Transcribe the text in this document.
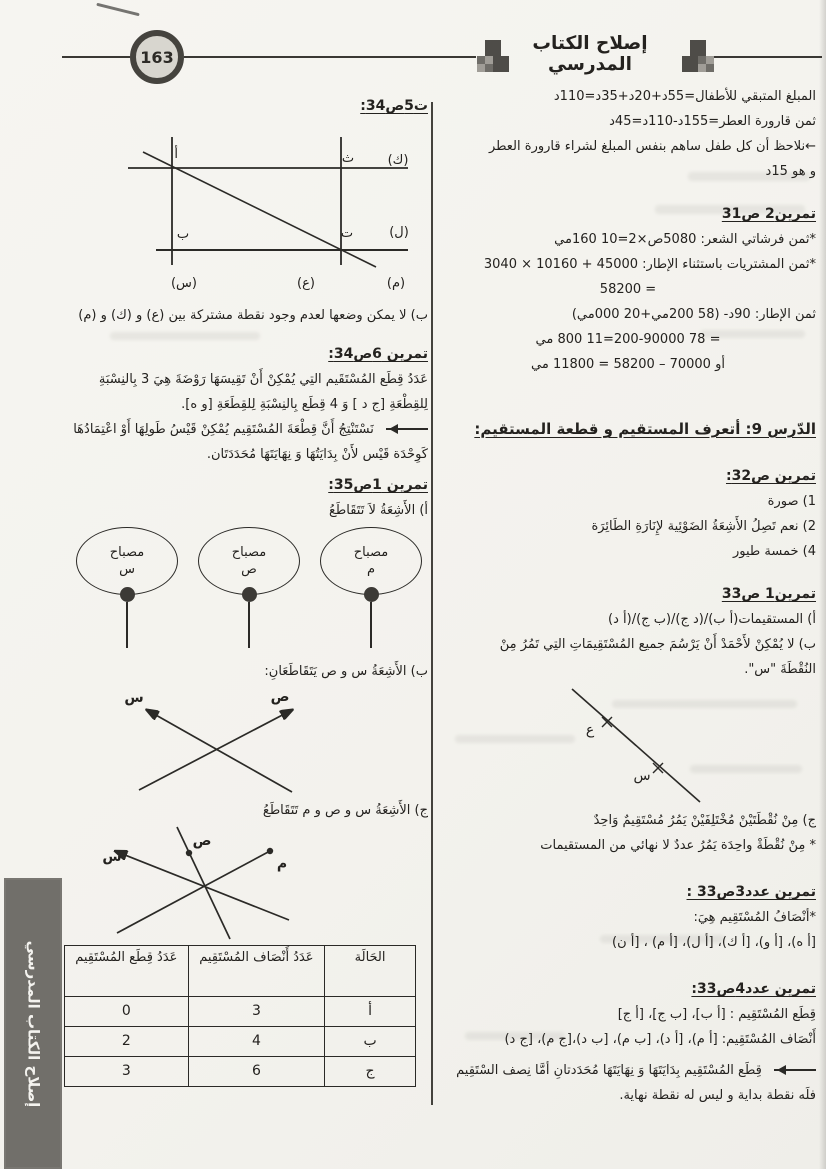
163
إصلاح الكتاب المدرسي
المبلغ المتبقي للأطفال=55د+20د+35د=110د
ثمن قارورة العطر=155د-110د=45د
←نلاحظ أن كل طفل ساهم بنفس المبلغ لشراء قارورة العطر
و هو 15د
تمرين2 ص31
*ثمن فرشاتي الشعر: 5080ص×2=10 160مي
*ثمن المشتريات باستثناء الإطار: 45000 + 10160 × 3040
= 58200
ثمن الإطار: 90د- (58 200مي+20 000مي)
= 78 200-90000=11 800 مي
أو 70000 – 58200 = 11800 مي
الدّرس 9: أتعرف المستقيم و قطعة المستقيم:
تمرين ص32:
1) صورة
2) نعم تَصِلُ الأَشِعَةُ الضَوْئِية لإِنَارَةِ الطَائِرَة
4) خمسة طيور
تمرين1 ص33
أ) المستقيمات(أ ب)/(د ج)/(ب ج)/(أ د)
ب) لا يُمْكِنْ لأَحْمَدْ أَنْ يَرْسُمَ جميع المُسْتَقِيمَاتِ التِي تَمُرُ مِنْ
النُقْطَةَ "س".
ع
س
ج) مِنْ نُقْطَتَيْنْ مُخْتَلِفَيْنْ يَمُرُ مُسْتَقِيمٌ وَاحِدٌ
* مِنْ نُقْطَةْ واحِدَة يَمُرُ عددٌ لا نهائي من المستقيمات
تمرين عدد3ص33 :
*أنْصَافُ المُسْتَقِيم هِيَ:
[أ ه)، [أ و)، [أ ك)، [أ ل)، [أ م) ، [أ ن)
تمرين عدد4ص33:
قِطَع المُسْتَقِيم : [أ ب]، [ب ج]، [أ ج]
أَنْصَاف المُسْتَقِيم: [أ م)، [أ د)، [ب م)، [ب د)،[ج م)، [ج د)
قِطَع المُسْتَقِيم بِدَايَتَهَا وَ نِهَايَتَهَا مُحَدَدتانِ أمَّا نِصف السْتَقِيم فلَه نقطة بداية و ليس له نقطة نهاية.
ت5ص34:
أ	ث	(ك)
ب	ت	(ل)
(س)	(ع)	(م)
ب) لا يمكن وضعها لعدم وجود نقطة مشتركة بين (ع) و (ك) و (م)
تمرين 6ص34:
عَدَدُ قِطَع المُسْتَقَيم التِي يُمْكِنْ أَنْ تَقِيسَهَا رَوْضَةَ هِيَ 3 بِالنِسْبَةِ لِلقِطْعَةِ [ج د ] وَ 4 قِطَع بِالنِسْبَةِ لِلقِطَعَةِ [و ه].
نَسْتَنْتِجُ أَنَّ قِطْعَةَ المُسْتَقِيم يُمْكِنْ قَيْسُ طَولِهَا أَوْ اعْتِمَادُهَا كَوِحْدَة قَيْس لأَنْ بِدَايَتُهَا وَ نِهَايَتَهَا مُحَدَدَتَان.
تمرين 1ص35:
أ) الأَشِعَةُ لاَ تَتَقَاطَعُ
مصباح
م
مصباح
ص
مصباح
س
ب) الأَشِعَةُ س و ص يَتَقَاطَعَانِ:
ص
س
ج) الأَشِعَةُ س و ص و م تَتَقَاطَعُ
ص
س	م
الحَالَة	عَدَدُ أَنْصَاف المُسْتَقِيم	عَدَدُ قِطَع المُسْتَقِيم
أ	3	0
ب	4	2
ج	6	3
إصلاح الكتاب المدرسي
